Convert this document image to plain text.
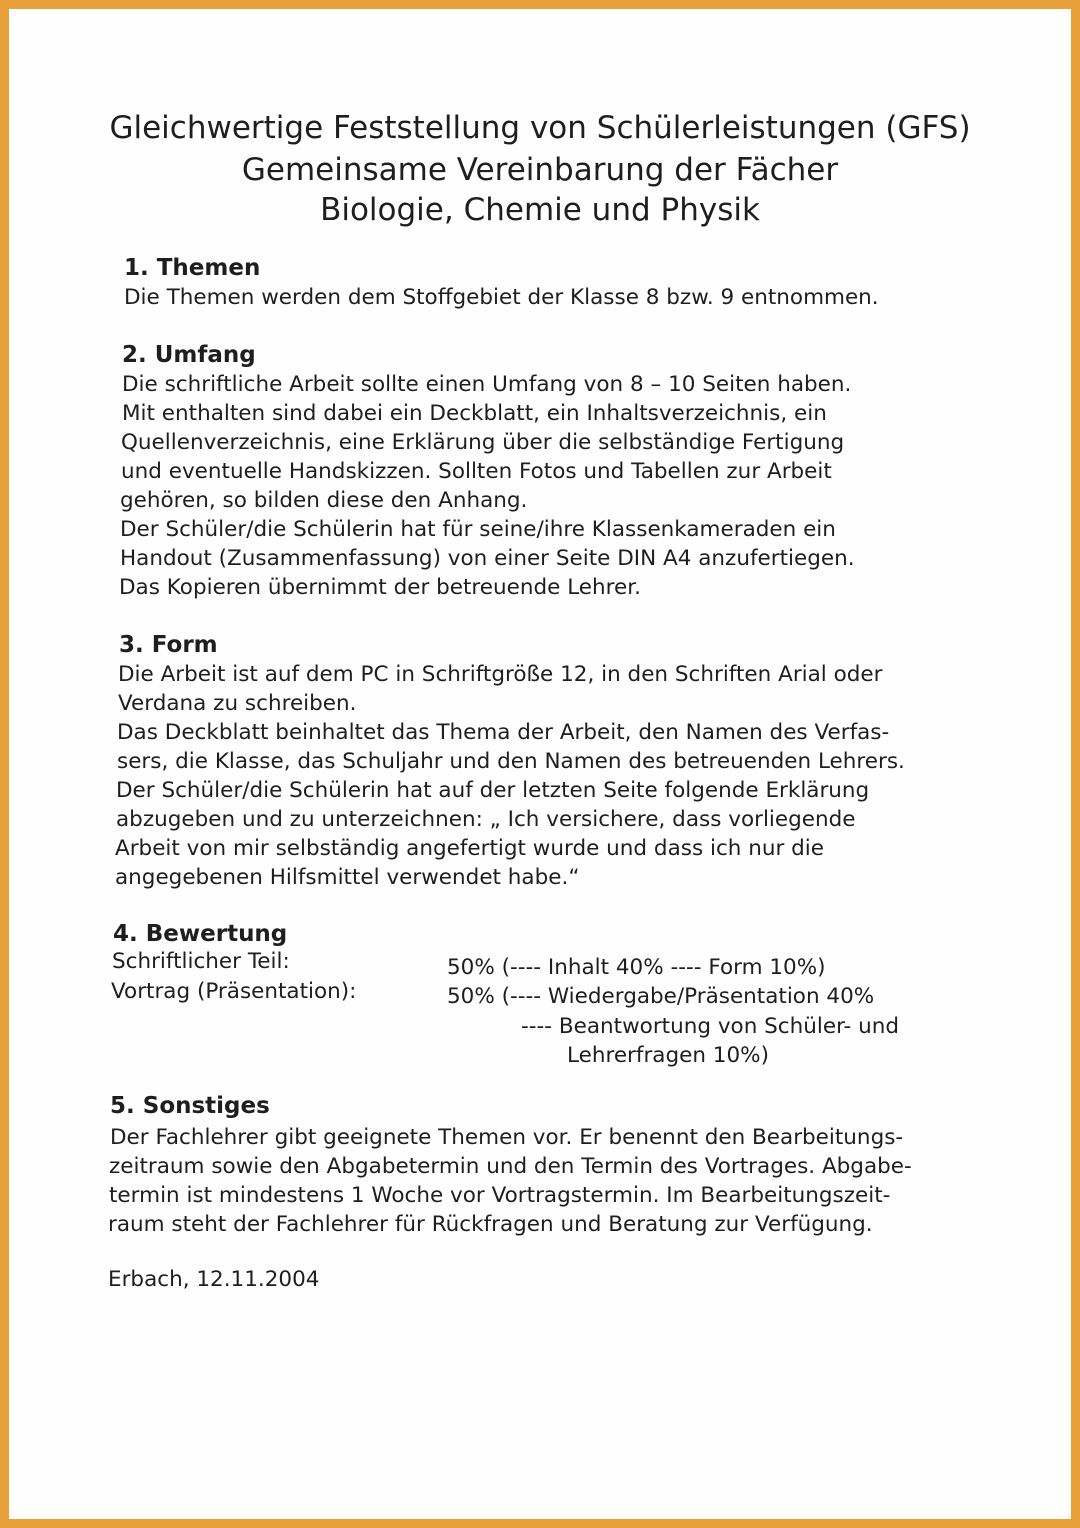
Gleichwertige Feststellung von Schülerleistungen (GFS)
Gemeinsame Vereinbarung der Fächer
Biologie, Chemie und Physik
1. Themen
Die Themen werden dem Stoffgebiet der Klasse 8 bzw. 9 entnommen.
2. Umfang
Die schriftliche Arbeit sollte einen Umfang von 8 – 10 Seiten haben.
Mit enthalten sind dabei ein Deckblatt, ein Inhaltsverzeichnis, ein
Quellenverzeichnis, eine Erklärung über die selbständige Fertigung
und eventuelle Handskizzen. Sollten Fotos und Tabellen zur Arbeit
gehören, so bilden diese den Anhang.
Der Schüler/die Schülerin hat für seine/ihre Klassenkameraden ein
Handout (Zusammenfassung) von einer Seite DIN A4 anzufertiegen.
Das Kopieren übernimmt der betreuende Lehrer.
3. Form
Die Arbeit ist auf dem PC in Schriftgröße 12, in den Schriften Arial oder
Verdana zu schreiben.
Das Deckblatt beinhaltet das Thema der Arbeit, den Namen des Verfas-
sers, die Klasse, das Schuljahr und den Namen des betreuenden Lehrers.
Der Schüler/die Schülerin hat auf der letzten Seite folgende Erklärung
abzugeben und zu unterzeichnen: „ Ich versichere, dass vorliegende
Arbeit von mir selbständig angefertigt wurde und dass ich nur die
angegebenen Hilfsmittel verwendet habe.“
4. Bewertung
Schriftlicher Teil:	50% (---- Inhalt 40% ---- Form 10%)
Vortrag (Präsentation):	50% (---- Wiedergabe/Präsentation 40%
---- Beantwortung von Schüler- und
Lehrerfragen 10%)
5. Sonstiges
Der Fachlehrer gibt geeignete Themen vor. Er benennt den Bearbeitungs-
zeitraum sowie den Abgabetermin und den Termin des Vortrages. Abgabe-
termin ist mindestens 1 Woche vor Vortragstermin. Im Bearbeitungszeit-
raum steht der Fachlehrer für Rückfragen und Beratung zur Verfügung.
Erbach, 12.11.2004
